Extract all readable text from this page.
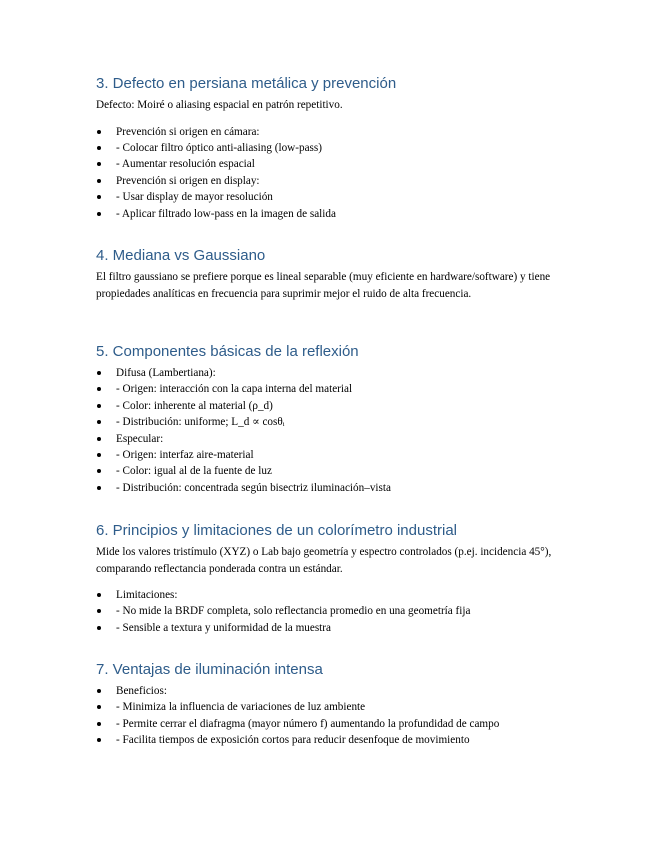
3. Defecto en persiana metálica y prevención

Defecto: Moiré o aliasing espacial en patrón repetitivo.

Prevención si origen en cámara:
- Colocar filtro óptico anti-aliasing (low-pass)
- Aumentar resolución espacial
Prevención si origen en display:
- Usar display de mayor resolución
- Aplicar filtrado low-pass en la imagen de salida
4. Mediana vs Gaussiano

El filtro gaussiano se prefiere porque es lineal separable (muy eficiente en hardware/software) y tiene propiedades analíticas en frecuencia para suprimir mejor el ruido de alta frecuencia.

5. Componentes básicas de la reflexión
Difusa (Lambertiana):
- Origen: interacción con la capa interna del material
- Color: inherente al material (ρ_d)
- Distribución: uniforme; L_d ∝ cosθᵢ
Especular:
- Origen: interfaz aire-material
- Color: igual al de la fuente de luz
- Distribución: concentrada según bisectriz iluminación–vista
6. Principios y limitaciones de un colorímetro industrial

Mide los valores tristímulo (XYZ) o Lab bajo geometría y espectro controlados (p.ej. incidencia 45°), comparando reflectancia ponderada contra un estándar.

Limitaciones:
- No mide la BRDF completa, solo reflectancia promedio en una geometría fija
- Sensible a textura y uniformidad de la muestra
7. Ventajas de iluminación intensa
Beneficios:
- Minimiza la influencia de variaciones de luz ambiente
- Permite cerrar el diafragma (mayor número f) aumentando la profundidad de campo
- Facilita tiempos de exposición cortos para reducir desenfoque de movimiento
